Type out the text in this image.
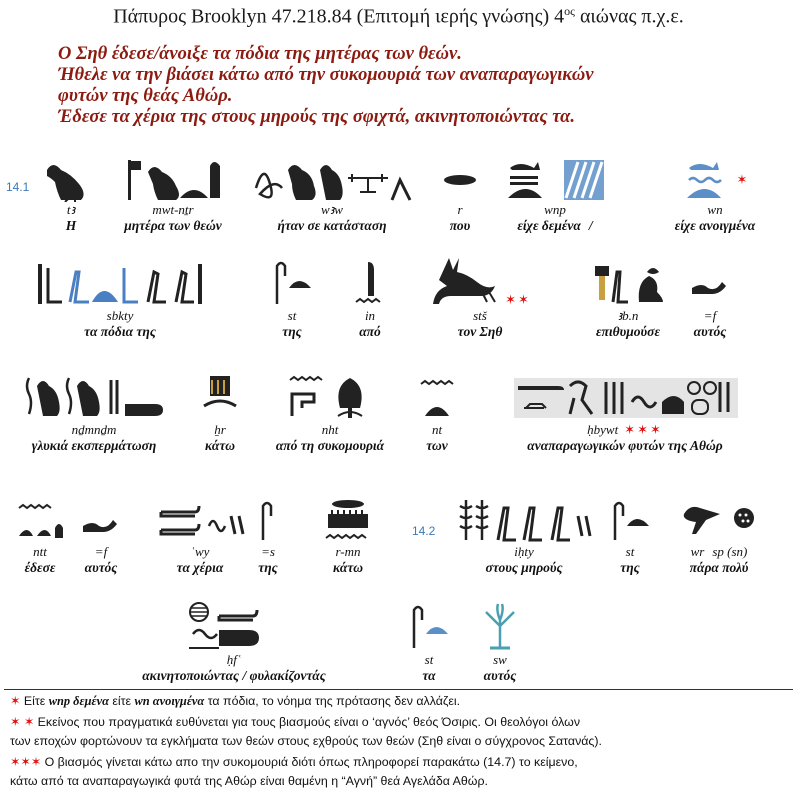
Πάπυρος Brooklyn 47.218.84 (Επιτομή ιερής γνώσης) $4^{o\varsigma}$ αιώνας π.χ.ε.
Ο Σηθ έδεσε/άνοιξε τα πόδια της μητέρας των θεών.
Ήθελε να την βιάσει κάτω από την συκομουριά των αναπαραγωγικών
φυτών της θεάς Αθώρ.
Έδεσε τα χέρια της στους μηρούς της σφιχτά, ακινητοποιώντας τα.
14.1
tꜣ
Η
mwt-nṯr
μητέρα των θεών
wꜣw
ήταν σε κατάσταση
r
που
wnp
είχε δεμένα /
✶
wn
είχε ανοιγμένα
sbkty
τα πόδια της
st
της
in
από
✶✶
stš
τον Σηθ
ꜣb.n
επιθυμούσε
=f
αυτός
nḏmnḏm
γλυκιά εκσπερμάτωση
ẖr
κάτω
nht
από τη συκομουριά
nt
των
ḥbywt ✶✶✶
αναπαραγωγικών φυτών της Αθώρ
ntt
έδεσε
=f
αυτός
ʿwy
τα χέρια
=s
της
r-mn
κάτω
14.2
iḥty
στους μηρούς
st
της
wr sp (sn)
πάρα πολύ
ḥfʿ
ακινητοποιώντας / φυλακίζοντάς
st
τα
sw
αυτός
✶ Είτε wnp δεμένα είτε wn ανοιγμένα τα πόδια, το νόημα της πρότασης δεν αλλάζει.
✶ ✶ Εκείνος που πραγματικά ευθύνεται για τους βιασμούς είναι ο ‘αγνός’ θεός Όσιρις. Οι θεολόγοι όλων
των εποχών φορτώνουν τα εγκλήματα των θεών στους εχθρούς των θεών (Σηθ είναι ο σύγχρονος Σατανάς).
✶✶✶ Ο βιασμός γίνεται κάτω απο την συκομουριά διότι όπως πληροφορεί παρακάτω (14.7) το κείμενο,
κάτω από τα αναπαραγωγικά φυτά της Αθώρ είναι θαμένη η “Αγνή” θεά Αγελάδα Αθώρ.
